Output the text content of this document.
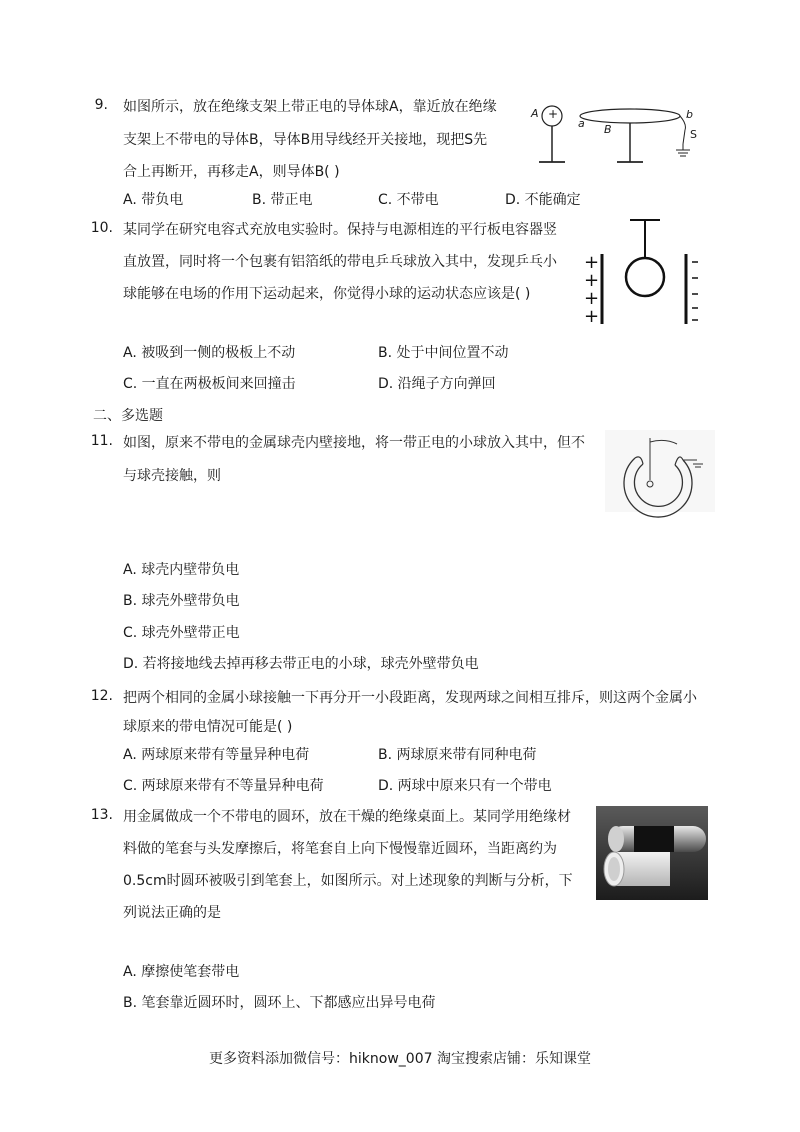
9. 如图所示，放在绝缘支架上带正电的导体球A，靠近放在绝缘
支架上不带电的导体B，导体B用导线经开关接地，现把S先
合上再断开，再移走A，则导体B( )
A. 带负电	B. 带正电	C. 不带电	D. 不能确定
A +
a B
b
S
10. 某同学在研究电容式充放电实验时。保持与电源相连的平行板电容器竖
直放置，同时将一个包裹有铝箔纸的带电乒乓球放入其中，发现乒乓小
球能够在电场的作用下运动起来，你觉得小球的运动状态应该是( )
A. 被吸到一侧的极板上不动	B. 处于中间位置不动
C. 一直在两极板间来回撞击	D. 沿绳子方向弹回
+
+
+
+
二、多选题
11. 如图，原来不带电的金属球壳内壁接地，将一带正电的小球放入其中，但不
与球壳接触，则
A. 球壳内壁带负电
B. 球壳外壁带负电
C. 球壳外壁带正电
D. 若将接地线去掉再移去带正电的小球，球壳外壁带负电
12. 把两个相同的金属小球接触一下再分开一小段距离，发现两球之间相互排斥，则这两个金属小
球原来的带电情况可能是( )
A. 两球原来带有等量异种电荷	B. 两球原来带有同种电荷
C. 两球原来带有不等量异种电荷	D. 两球中原来只有一个带电
13. 用金属做成一个不带电的圆环，放在干燥的绝缘桌面上。某同学用绝缘材
料做的笔套与头发摩擦后，将笔套自上向下慢慢靠近圆环，当距离约为
0.5cm时圆环被吸引到笔套上，如图所示。对上述现象的判断与分析，下
列说法正确的是
A. 摩擦使笔套带电
B. 笔套靠近圆环时，圆环上、下都感应出异号电荷
更多资料添加微信号：hiknow_007 淘宝搜索店铺：乐知课堂
